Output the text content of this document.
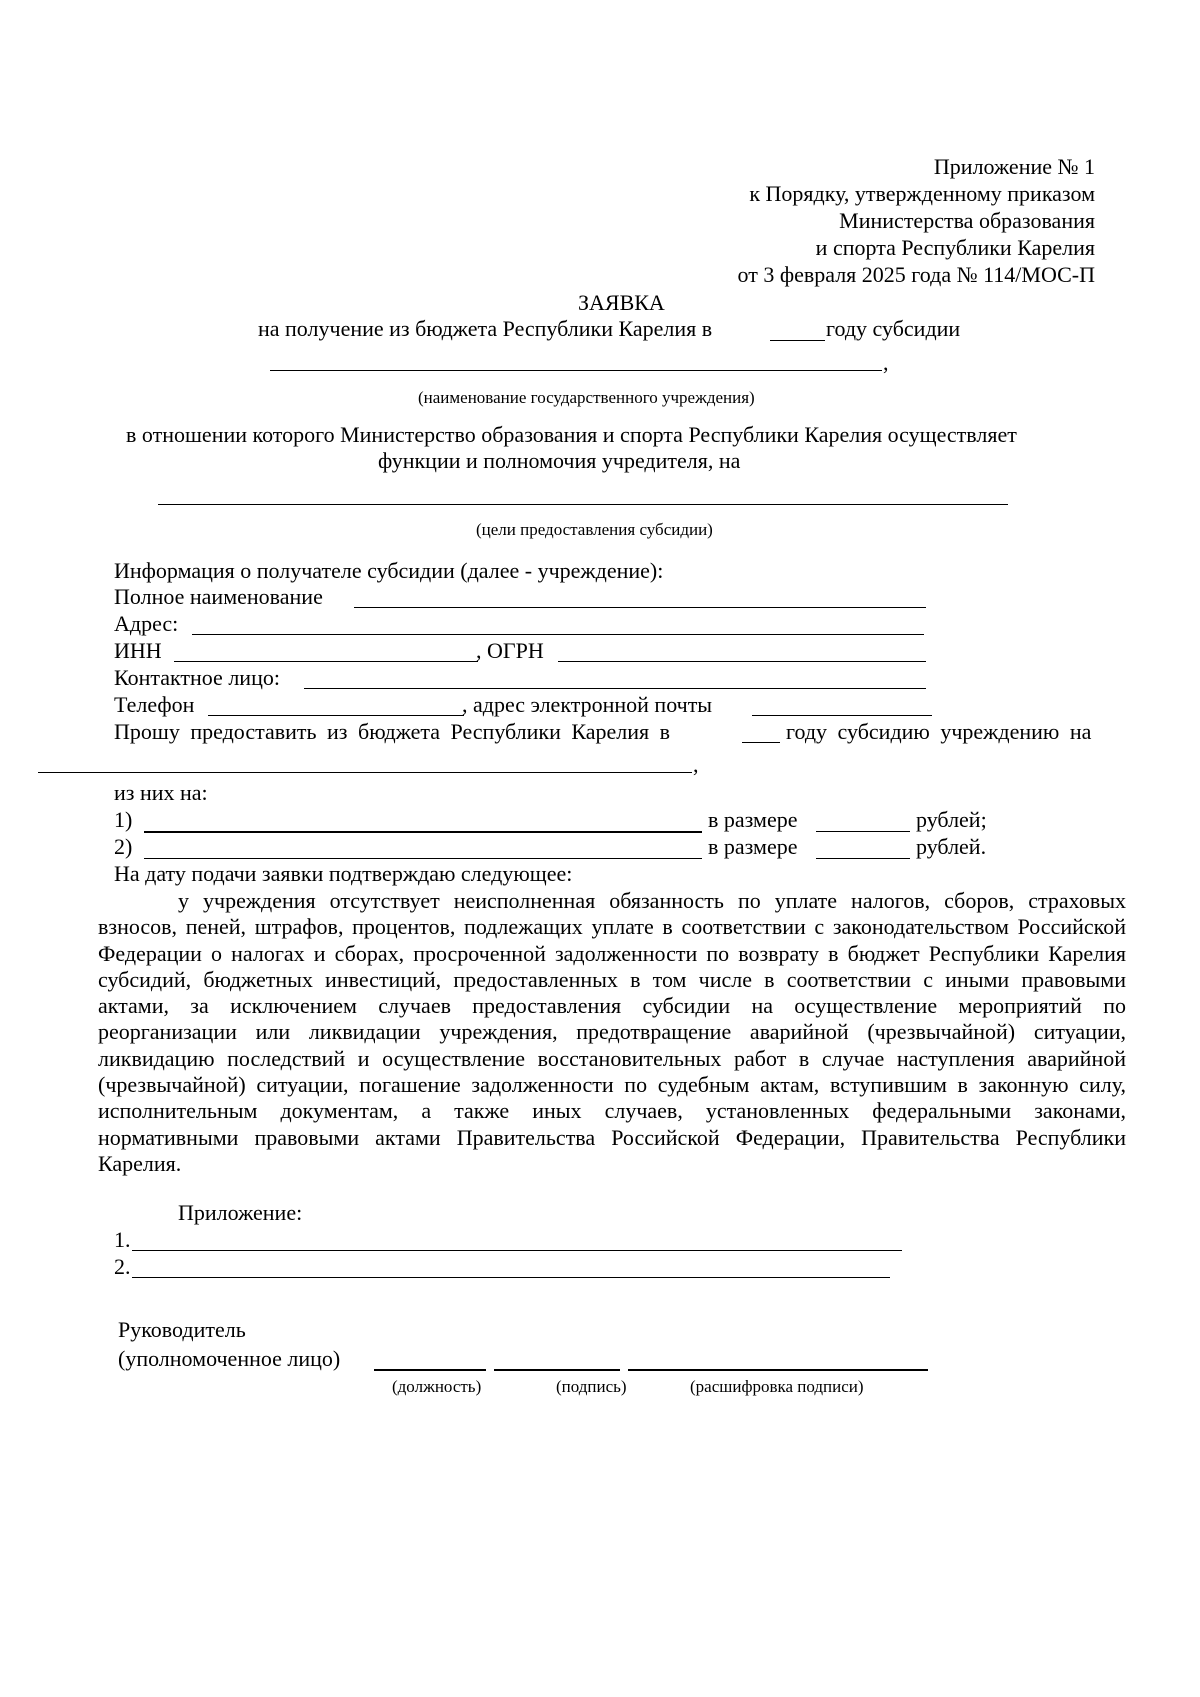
Приложение № 1
к Порядку, утвержденному приказом
Министерства образования
и спорта Республики Карелия
от 3 февраля 2025 года № 114/МОС-П
ЗАЯВКА
на получение из бюджета Республики Карелия в	году субсидии
,
(наименование государственного учреждения)
в отношении которого Министерство образования и спорта Республики Карелия осуществляет
функции и полномочия учредителя, на
(цели предоставления субсидии)
Информация о получателе субсидии (далее - учреждение):
Полное наименование
Адрес:
ИНН	, ОГРН
Контактное лицо:
Телефон	, адрес электронной почты
Прошу предоставить из бюджета Республики Карелия в	году субсидию учреждению на
,
из них на:
1)	в размере	рублей;
2)	в размере	рублей.
На дату подачи заявки подтверждаю следующее:
у учреждения отсутствует неисполненная обязанность по уплате налогов, сборов, страховых взносов, пеней, штрафов, процентов, подлежащих уплате в соответствии с законодательством Российской Федерации о налогах и сборах, просроченной задолженности по возврату в бюджет Республики Карелия субсидий, бюджетных инвестиций, предоставленных в том числе в соответствии с иными правовыми актами, за исключением случаев предоставления субсидии на осуществление мероприятий по реорганизации или ликвидации учреждения, предотвращение аварийной (чрезвычайной) ситуации, ликвидацию последствий и осуществление восстановительных работ в случае наступления аварийной (чрезвычайной) ситуации, погашение задолженности по судебным актам, вступившим в законную силу, исполнительным документам, а также иных случаев, установленных федеральными законами, нормативными правовыми актами Правительства Российской Федерации, Правительства Республики Карелия.
Приложение:
1.
2.
Руководитель
(уполномоченное лицо)
(должность)	(подпись)	(расшифровка подписи)
